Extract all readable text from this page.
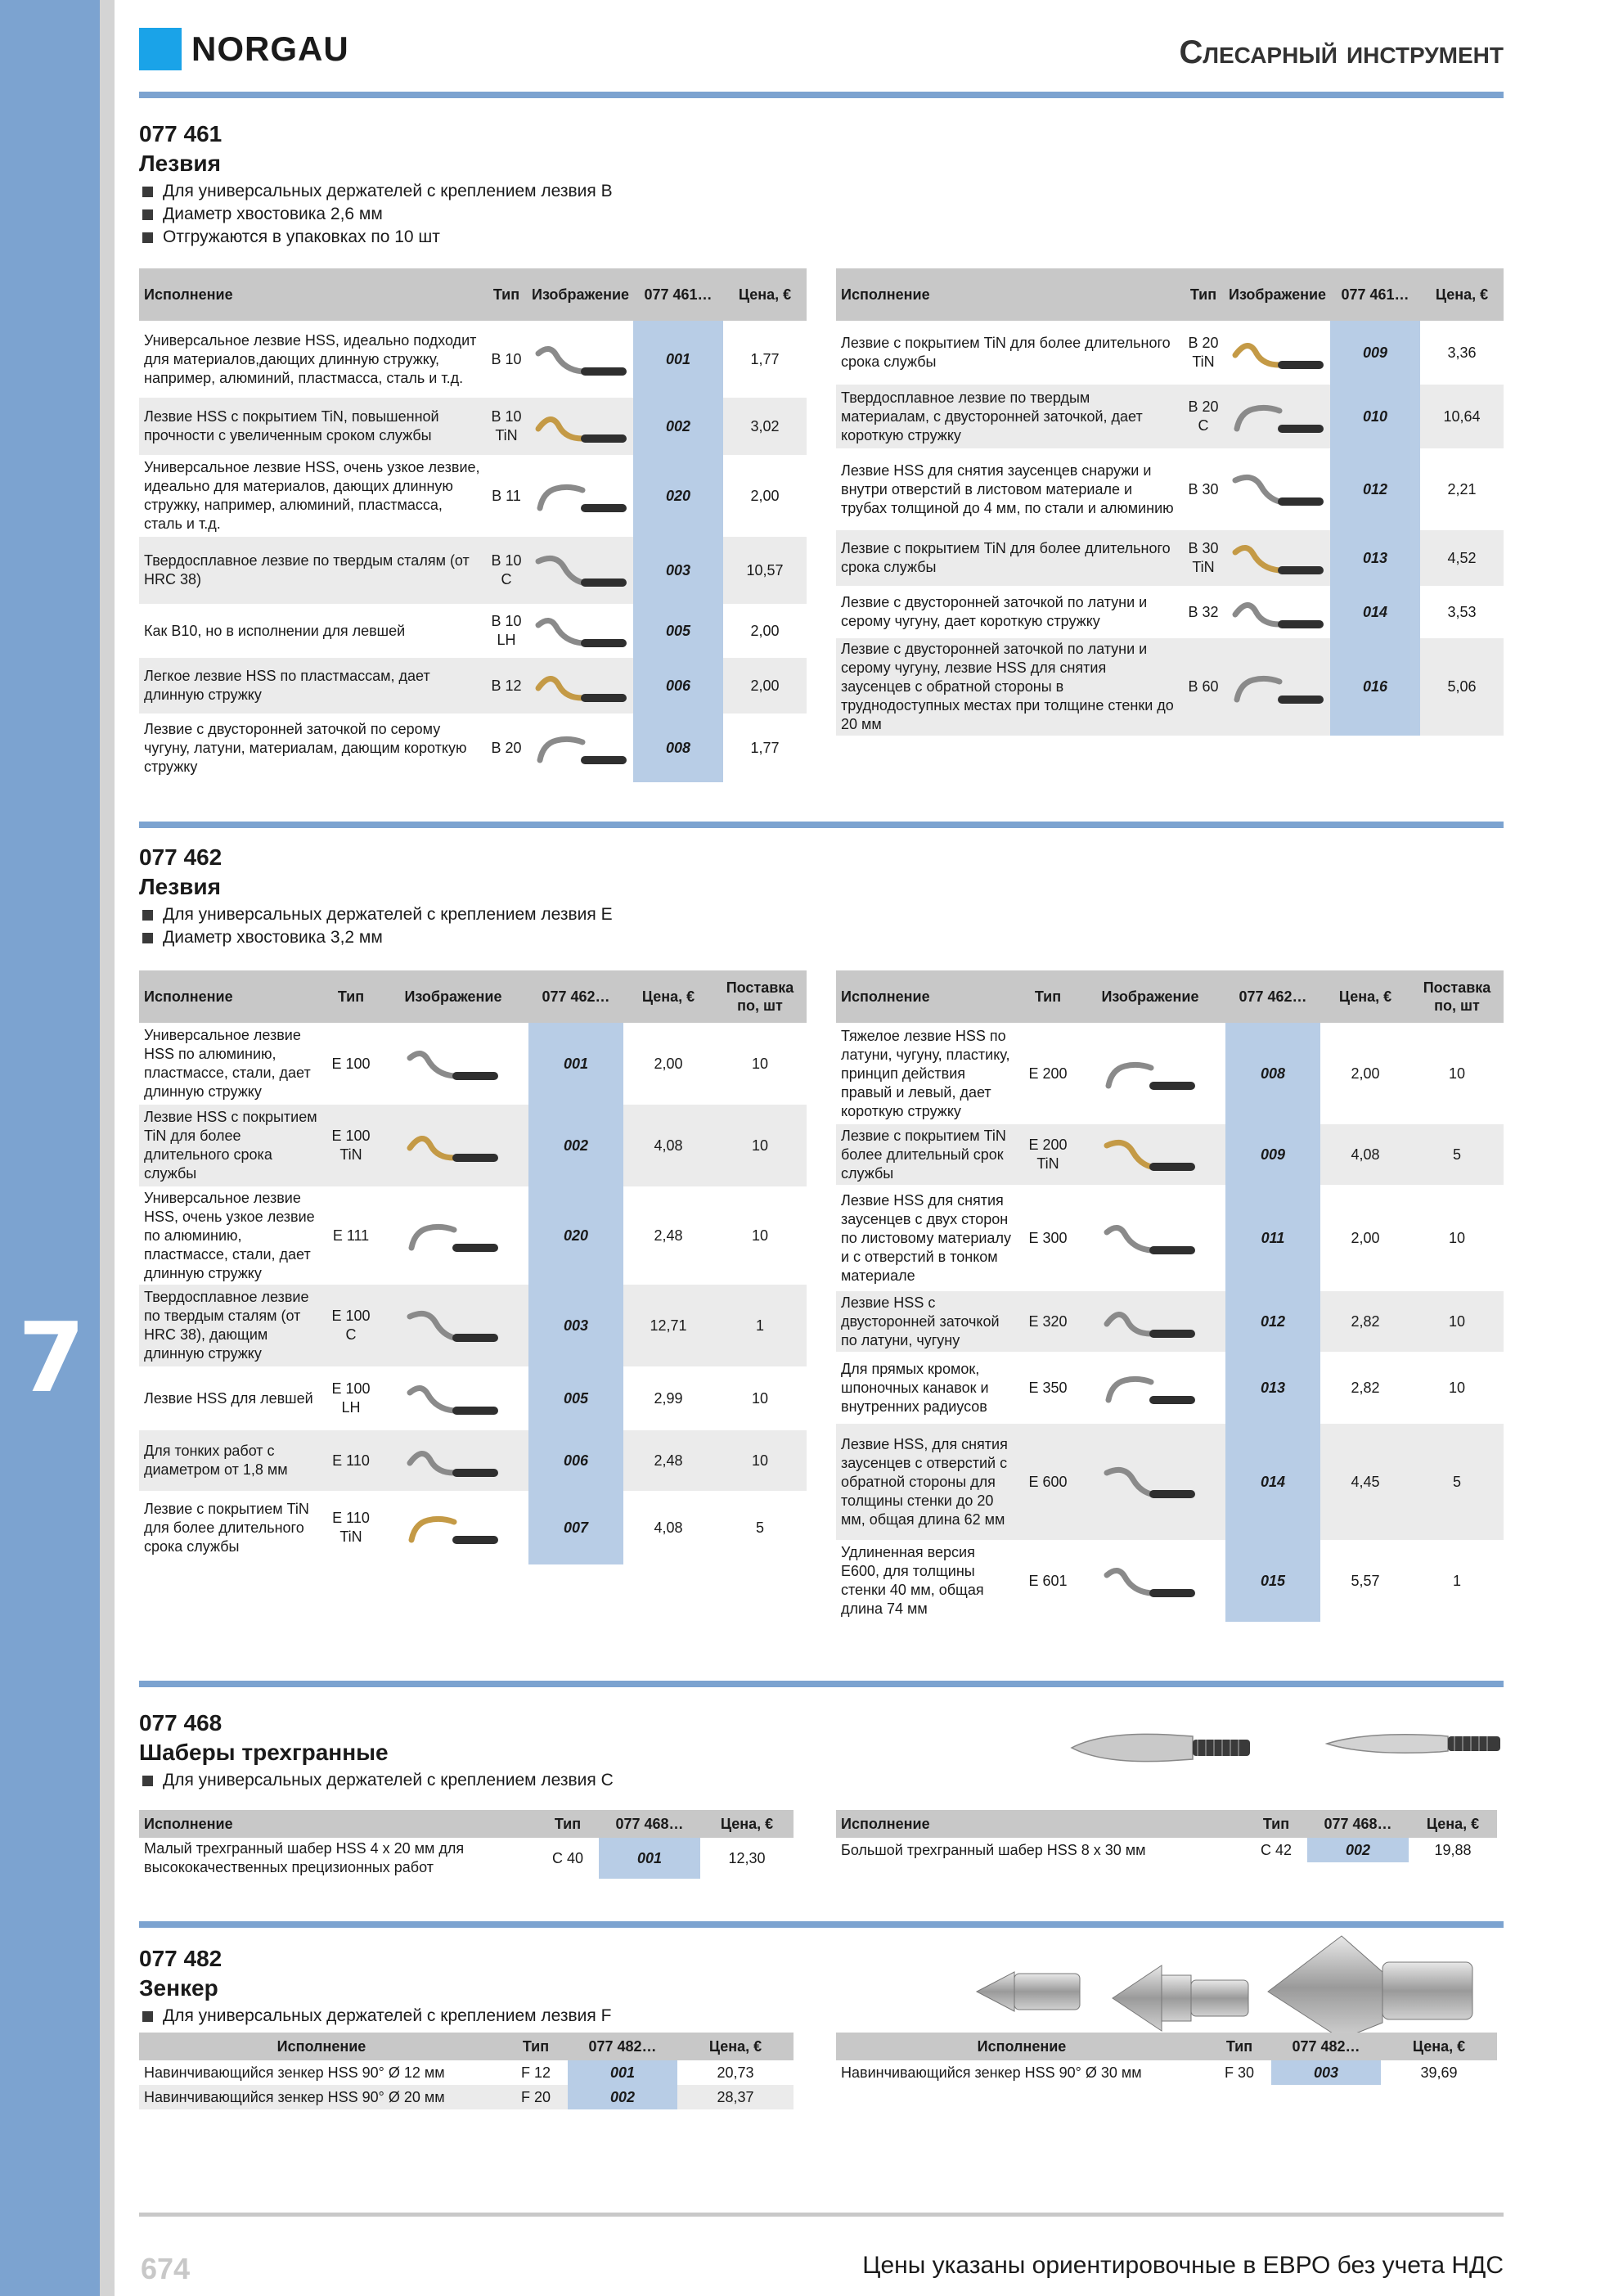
7
NORGAU	Слесарный инструмент
077 461
Лезвия
Для универсальных держателей с креплением лезвия B
Диаметр хвостовика 2,6 мм
Отгружаются в упаковках по 10 шт
Исполнение	Тип	Изображение	077 461…	Цена, €
Универсальное лезвие HSS, идеально подходит для материалов,дающих длинную стружку, например, алюминий, пластмасса, сталь и т.д.	B 10		001	1,77
Лезвие HSS с покрытием TiN, повышенной прочности с увеличенным сроком службы	B 10 TiN		002	3,02
Универсальное лезвие HSS, очень узкое лезвие, идеально для материалов, дающих длинную стружку, например, алюминий, пластмасса, сталь и т.д.	B 11		020	2,00
Твердосплавное лезвие по твердым сталям (от HRC 38)	B 10 C		003	10,57
Как B10, но в исполнении для левшей	B 10 LH		005	2,00
Легкое лезвие HSS по пластмассам, дает длинную стружку	B 12		006	2,00
Лезвие с двусторонней заточкой по серому чугуну, латуни, материалам, дающим короткую стружку	B 20		008	1,77
Исполнение	Тип	Изображение	077 461…	Цена, €
Лезвие с покрытием TiN для более длительного срока службы	B 20 TiN		009	3,36
Твердосплавное лезвие по твердым материалам, с двусторонней заточкой, дает короткую стружку	B 20 C		010	10,64
Лезвие HSS для снятия заусенцев снаружи и внутри отверстий в листовом материале и трубах толщиной до 4 мм, по стали и алюминию	B 30		012	2,21
Лезвие с покрытием TiN для более длительного срока службы	B 30 TiN		013	4,52
Лезвие с двусторонней заточкой по латуни и серому чугуну, дает короткую стружку	B 32		014	3,53
Лезвие с двусторонней заточкой по латуни и серому чугуну, лезвие HSS для снятия заусенцев с обратной стороны в труднодоступных местах при толщине стенки до 20 мм	B 60		016	5,06
077 462
Лезвия
Для универсальных держателей с креплением лезвия E
Диаметр хвостовика 3,2 мм
Исполнение	Тип	Изображение	077 462…	Цена, €	Поставка по, шт
Универсальное лезвие HSS по алюминию, пластмассе, стали, дает длинную стружку	E 100		001	2,00	10
Лезвие HSS с покрытием TiN для более длительного срока службы	E 100 TiN		002	4,08	10
Универсальное лезвие HSS, очень узкое лезвие по алюминию, пластмассе, стали, дает длинную стружку	E 111		020	2,48	10
Твердосплавное лезвие по твердым сталям (от HRC 38), дающим длинную стружку	E 100 C		003	12,71	1
Лезвие HSS для левшей	E 100 LH		005	2,99	10
Для тонких работ с диаметром от 1,8 мм	E 110		006	2,48	10
Лезвие с покрытием TiN для более длительного срока службы	E 110 TiN		007	4,08	5
Исполнение	Тип	Изображение	077 462…	Цена, €	Поставка по, шт
Тяжелое лезвие HSS по латуни, чугуну, пластику, принцип действия правый и левый, дает короткую стружку	E 200		008	2,00	10
Лезвие с покрытием TiN более длительный срок службы	E 200 TiN		009	4,08	5
Лезвие HSS для снятия заусенцев с двух сторон по листовому материалу и с отверстий в тонком материале	E 300		011	2,00	10
Лезвие HSS с двусторонней заточкой по латуни, чугуну	E 320		012	2,82	10
Для прямых кромок, шпоночных канавок и внутренних радиусов	E 350		013	2,82	10
Лезвие HSS, для снятия заусенцев с отверстий с обратной стороны для толщины стенки до 20 мм, общая длина 62 мм	E 600		014	4,45	5
Удлиненная версия E600, для толщины стенки 40 мм, общая длина 74 мм	E 601		015	5,57	1
077 468
Шаберы трехгранные
Для универсальных держателей с креплением лезвия C
Исполнение	Тип	077 468…	Цена, €
Малый трехгранный шабер HSS 4 x 20 мм для высококачественных прецизионных работ	C 40	001	12,30
Исполнение	Тип	077 468…	Цена, €
Большой трехгранный шабер HSS 8 x 30 мм	C 42	002	19,88
077 482
Зенкер
Для универсальных держателей с креплением лезвия F
Исполнение	Тип	077 482…	Цена, €
Навинчивающийся зенкер HSS 90° Ø 12 мм	F 12	001	20,73
Навинчивающийся зенкер HSS 90° Ø 20 мм	F 20	002	28,37
Исполнение	Тип	077 482…	Цена, €
Навинчивающийся зенкер HSS 90° Ø 30 мм	F 30	003	39,69
674	Цены указаны ориентировочные в ЕВРО без учета НДС
